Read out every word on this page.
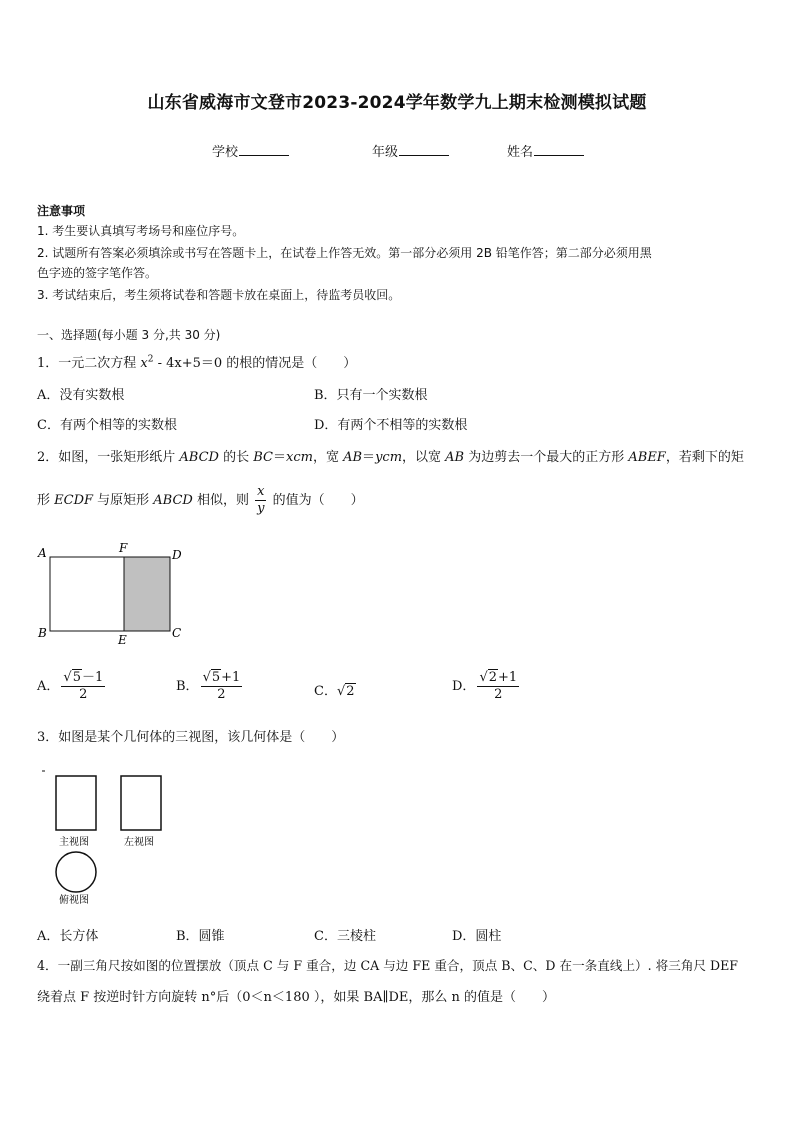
山东省威海市文登市2023-2024学年数学九上期末检测模拟试题
学校	年级	姓名
注意事项
1. 考生要认真填写考场号和座位序号。
2. 试题所有答案必须填涂或书写在答题卡上，在试卷上作答无效。第一部分必须用 2B 铅笔作答；第二部分必须用黑
色字迹的签字笔作答。
3. 考试结束后，考生须将试卷和答题卡放在桌面上，待监考员收回。
一、选择题(每小题 3 分,共 30 分)
1．一元二次方程 $x^2 - 4x+5=0$ 的根的情况是（　　）
A．没有实数根	B．只有一个实数根
C．有两个相等的实数根	D．有两个不相等的实数根
2．如图，一张矩形纸片 ABCD 的长 BC＝xcm，宽 AB＝ycm，以宽 AB 为边剪去一个最大的正方形 ABEF，若剩下的矩
形 ECDF 与原矩形 ABCD 相似，则 $\frac{x}{y}$ 的值为（　　）
A	F	D
B	E	C
A． $\frac{√5-1}{2}$	B． $\frac{√5+1}{2}$	C．√2	D． $\frac{√2+1}{2}$
3．如图是某个几何体的三视图，该几何体是（　　）
主视图	左视图
俯视图
A．长方体	B．圆锥	C．三棱柱	D．圆柱
4．一副三角尺按如图的位置摆放（顶点 C 与 F 重合，边 CA 与边 FE 重合，顶点 B、C、D 在一条直线上）. 将三角尺 DEF
绕着点 F 按逆时针方向旋转 n°后（0＜n＜180 ），如果 BA∥DE，那么 n 的值是（　　）
